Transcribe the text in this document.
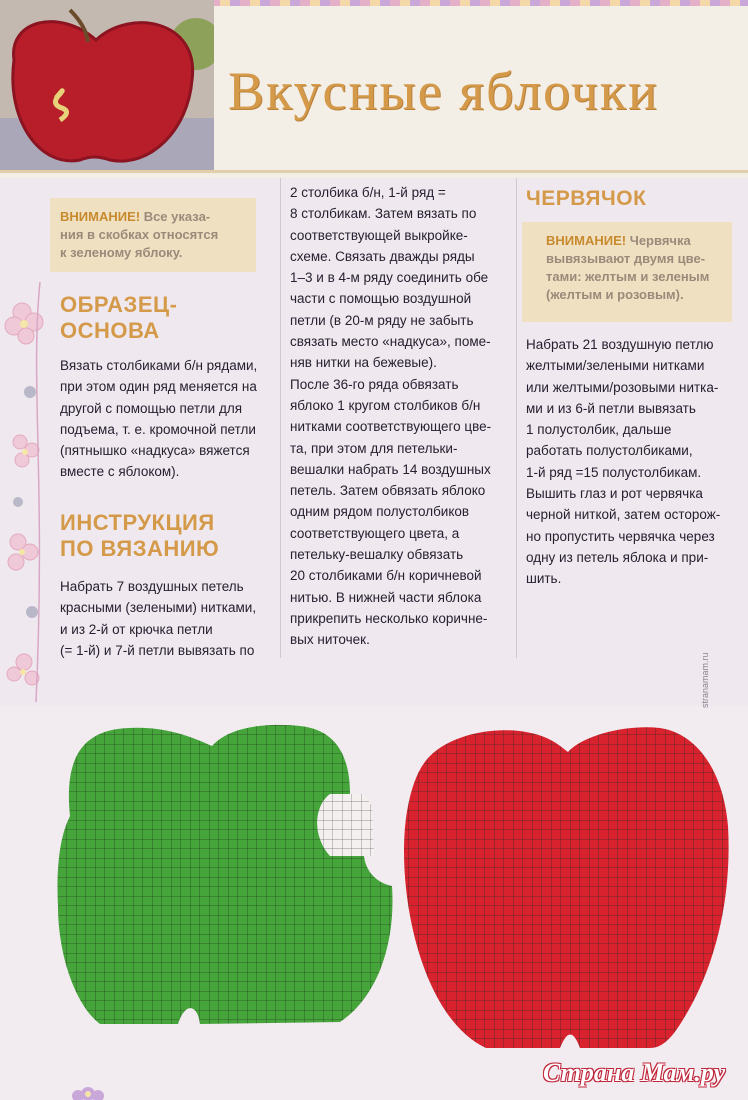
Вкусные яблочки
ВНИМАНИЕ! Все указа-
ния в скобках относятся
к зеленому яблоку.
ОБРАЗЕЦ-
ОСНОВА
Вязать столбиками б/н рядами,
при этом один ряд меняется на
другой с помощью петли для
подъема, т. е. кромочной петли
(пятнышко «надкуса» вяжется
вместе с яблоком).
ИНСТРУКЦИЯ
ПО ВЯЗАНИЮ
Набрать 7 воздушных петель
красными (зелеными) нитками,
и из 2-й от крючка петли
(= 1-й) и 7-й петли вывязать по
2 столбика б/н, 1-й ряд =
8 столбикам. Затем вязать по
соответствующей выкройке-
схеме. Связать дважды ряды
1–3 и в 4-м ряду соединить обе
части с помощью воздушной
петли (в 20-м ряду не забыть
связать место «надкуса», поме-
няв нитки на бежевые).
После 36-го ряда обвязать
яблоко 1 кругом столбиков б/н
нитками соответствующего цве-
та, при этом для петельки-
вешалки набрать 14 воздушных
петель. Затем обвязать яблоко
одним рядом полустолбиков
соответствующего цвета, а
петельку-вешалку обвязать
20 столбиками б/н коричневой
нитью. В нижней части яблока
прикрепить несколько коричне-
вых ниточек.
ЧЕРВЯЧОК
ВНИМАНИЕ! Червячка
вывязывают двумя цве-
тами: желтым и зеленым
(желтым и розовым).
Набрать 21 воздушную петлю
желтыми/зелеными нитками
или желтыми/розовыми нитка-
ми и из 6-й петли вывязать
1 полустолбик, дальше
работать полустолбиками,
1-й ряд =15 полустолбикам.
Вышить глаз и рот червячка
черной ниткой, затем осторож-
но пропустить червячка через
одну из петель яблока и при-
шить.
stranamam.ru
Страна Мам.ру
